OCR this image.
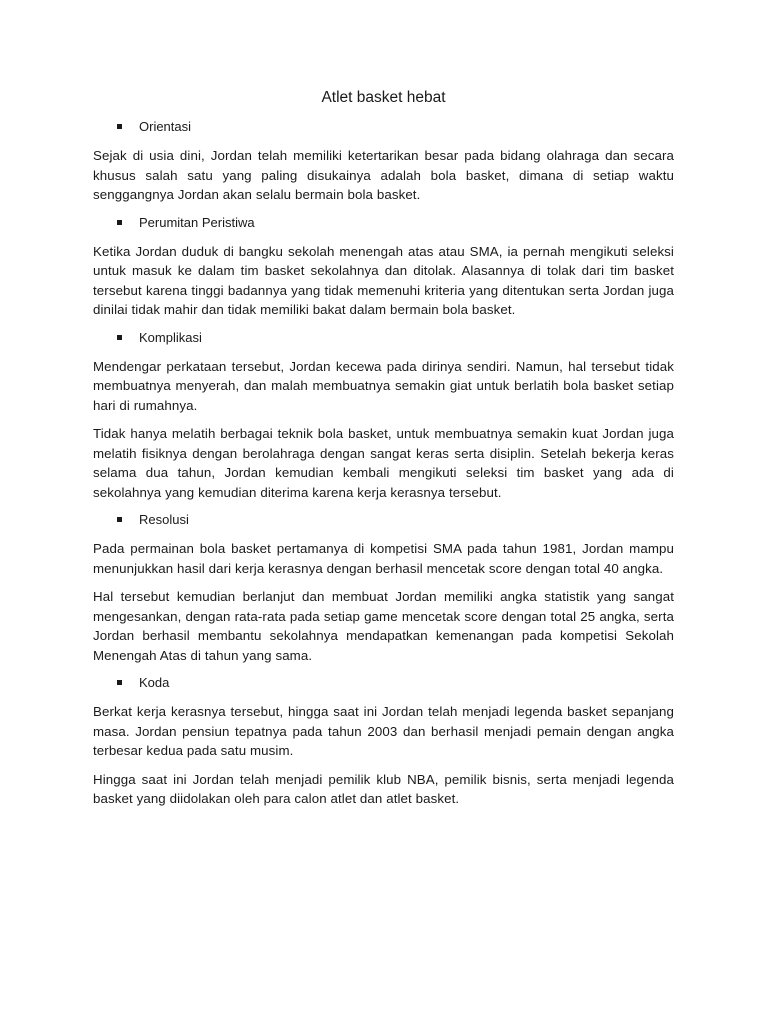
Atlet basket hebat
Orientasi

Sejak di usia dini, Jordan telah memiliki ketertarikan besar pada bidang olahraga dan secara khusus salah satu yang paling disukainya adalah bola basket, dimana di setiap waktu senggangnya Jordan akan selalu bermain bola basket.

Perumitan Peristiwa

Ketika Jordan duduk di bangku sekolah menengah atas atau SMA, ia pernah mengikuti seleksi untuk masuk ke dalam tim basket sekolahnya dan ditolak. Alasannya di tolak dari tim basket tersebut karena tinggi badannya yang tidak memenuhi kriteria yang ditentukan serta Jordan juga dinilai tidak mahir dan tidak memiliki bakat dalam bermain bola basket.

Komplikasi

Mendengar perkataan tersebut, Jordan kecewa pada dirinya sendiri. Namun, hal tersebut tidak membuatnya menyerah, dan malah membuatnya semakin giat untuk berlatih bola basket setiap hari di rumahnya.

Tidak hanya melatih berbagai teknik bola basket, untuk membuatnya semakin kuat Jordan juga melatih fisiknya dengan berolahraga dengan sangat keras serta disiplin. Setelah bekerja keras selama dua tahun, Jordan kemudian kembali mengikuti seleksi tim basket yang ada di sekolahnya yang kemudian diterima karena kerja kerasnya tersebut.

Resolusi

Pada permainan bola basket pertamanya di kompetisi SMA pada tahun 1981, Jordan mampu menunjukkan hasil dari kerja kerasnya dengan berhasil mencetak score dengan total 40 angka.

Hal tersebut kemudian berlanjut dan membuat Jordan memiliki angka statistik yang sangat mengesankan, dengan rata-rata pada setiap game mencetak score dengan total 25 angka, serta Jordan berhasil membantu sekolahnya mendapatkan kemenangan pada kompetisi Sekolah Menengah Atas di tahun yang sama.

Koda

Berkat kerja kerasnya tersebut, hingga saat ini Jordan telah menjadi legenda basket sepanjang masa. Jordan pensiun tepatnya pada tahun 2003 dan berhasil menjadi pemain dengan angka terbesar kedua pada satu musim.

Hingga saat ini Jordan telah menjadi pemilik klub NBA, pemilik bisnis, serta menjadi legenda basket yang diidolakan oleh para calon atlet dan atlet basket.
